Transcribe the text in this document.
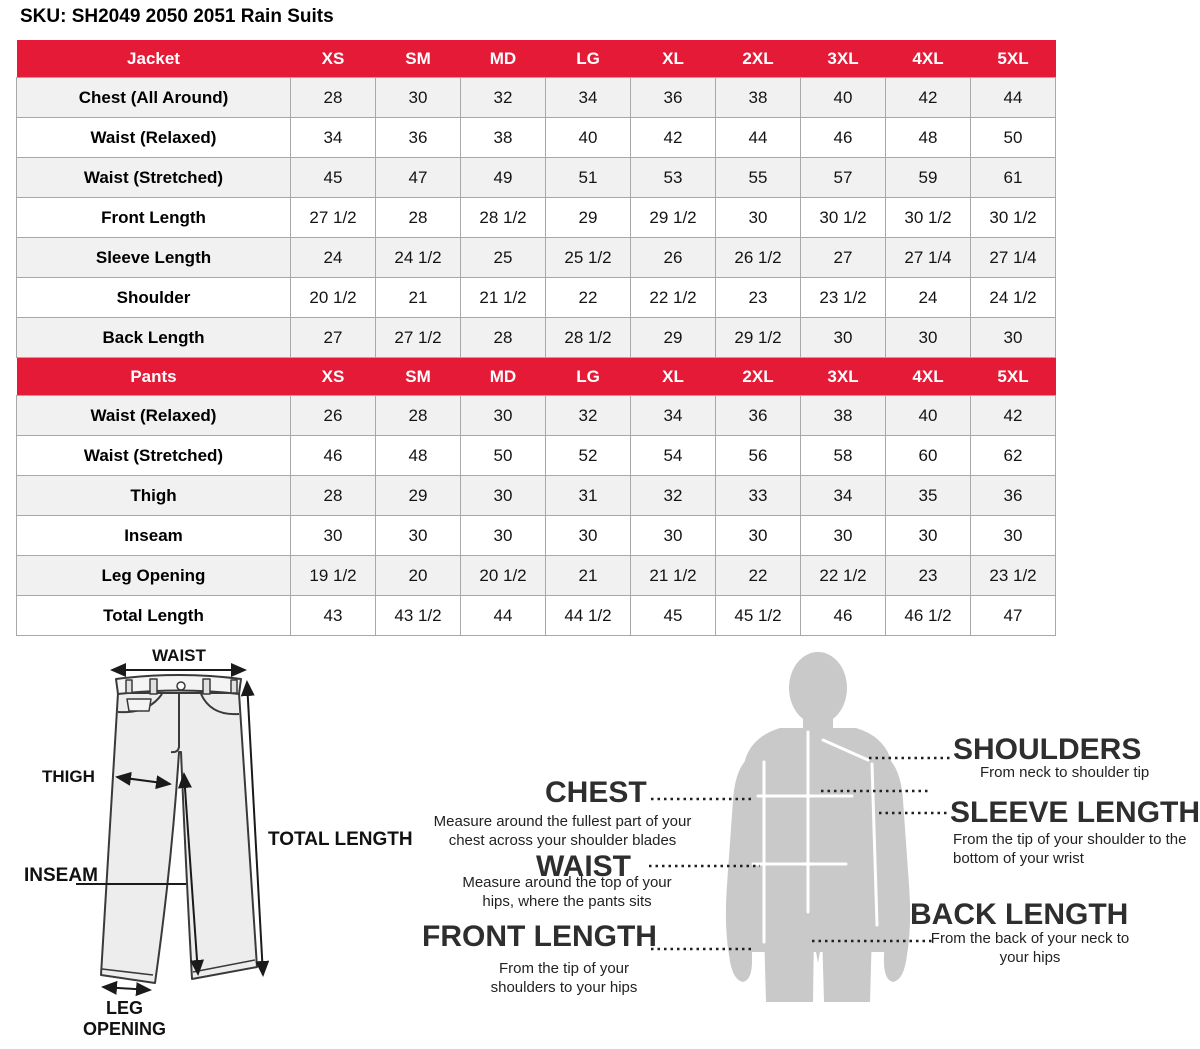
SKU: SH2049 2050 2051 Rain Suits
Jacket	XS	SM	MD	LG	XL	2XL	3XL	4XL	5XL
Chest (All Around)	28	30	32	34	36	38	40	42	44
Waist (Relaxed)	34	36	38	40	42	44	46	48	50
Waist (Stretched)	45	47	49	51	53	55	57	59	61
Front Length	27 1/2	28	28 1/2	29	29 1/2	30	30 1/2	30 1/2	30 1/2
Sleeve Length	24	24 1/2	25	25 1/2	26	26 1/2	27	27 1/4	27 1/4
Shoulder	20 1/2	21	21 1/2	22	22 1/2	23	23 1/2	24	24 1/2
Back Length	27	27 1/2	28	28 1/2	29	29 1/2	30	30	30
Pants	XS	SM	MD	LG	XL	2XL	3XL	4XL	5XL
Waist (Relaxed)	26	28	30	32	34	36	38	40	42
Waist (Stretched)	46	48	50	52	54	56	58	60	62
Thigh	28	29	30	31	32	33	34	35	36
Inseam	30	30	30	30	30	30	30	30	30
Leg Opening	19 1/2	20	20 1/2	21	21 1/2	22	22 1/2	23	23 1/2
Total Length	43	43 1/2	44	44 1/2	45	45 1/2	46	46 1/2	47
WAIST
THIGH
TOTAL LENGTH
INSEAM
LEG OPENING
CHEST
Measure around the fullest part of your chest across your shoulder blades
WAIST
Measure around the top of your hips, where the pants sits
FRONT LENGTH
From the tip of your shoulders to your hips
SHOULDERS
From neck to shoulder tip
SLEEVE LENGTH
From the tip of your shoulder to the bottom of your wrist
BACK LENGTH
From the back of your neck to your hips
